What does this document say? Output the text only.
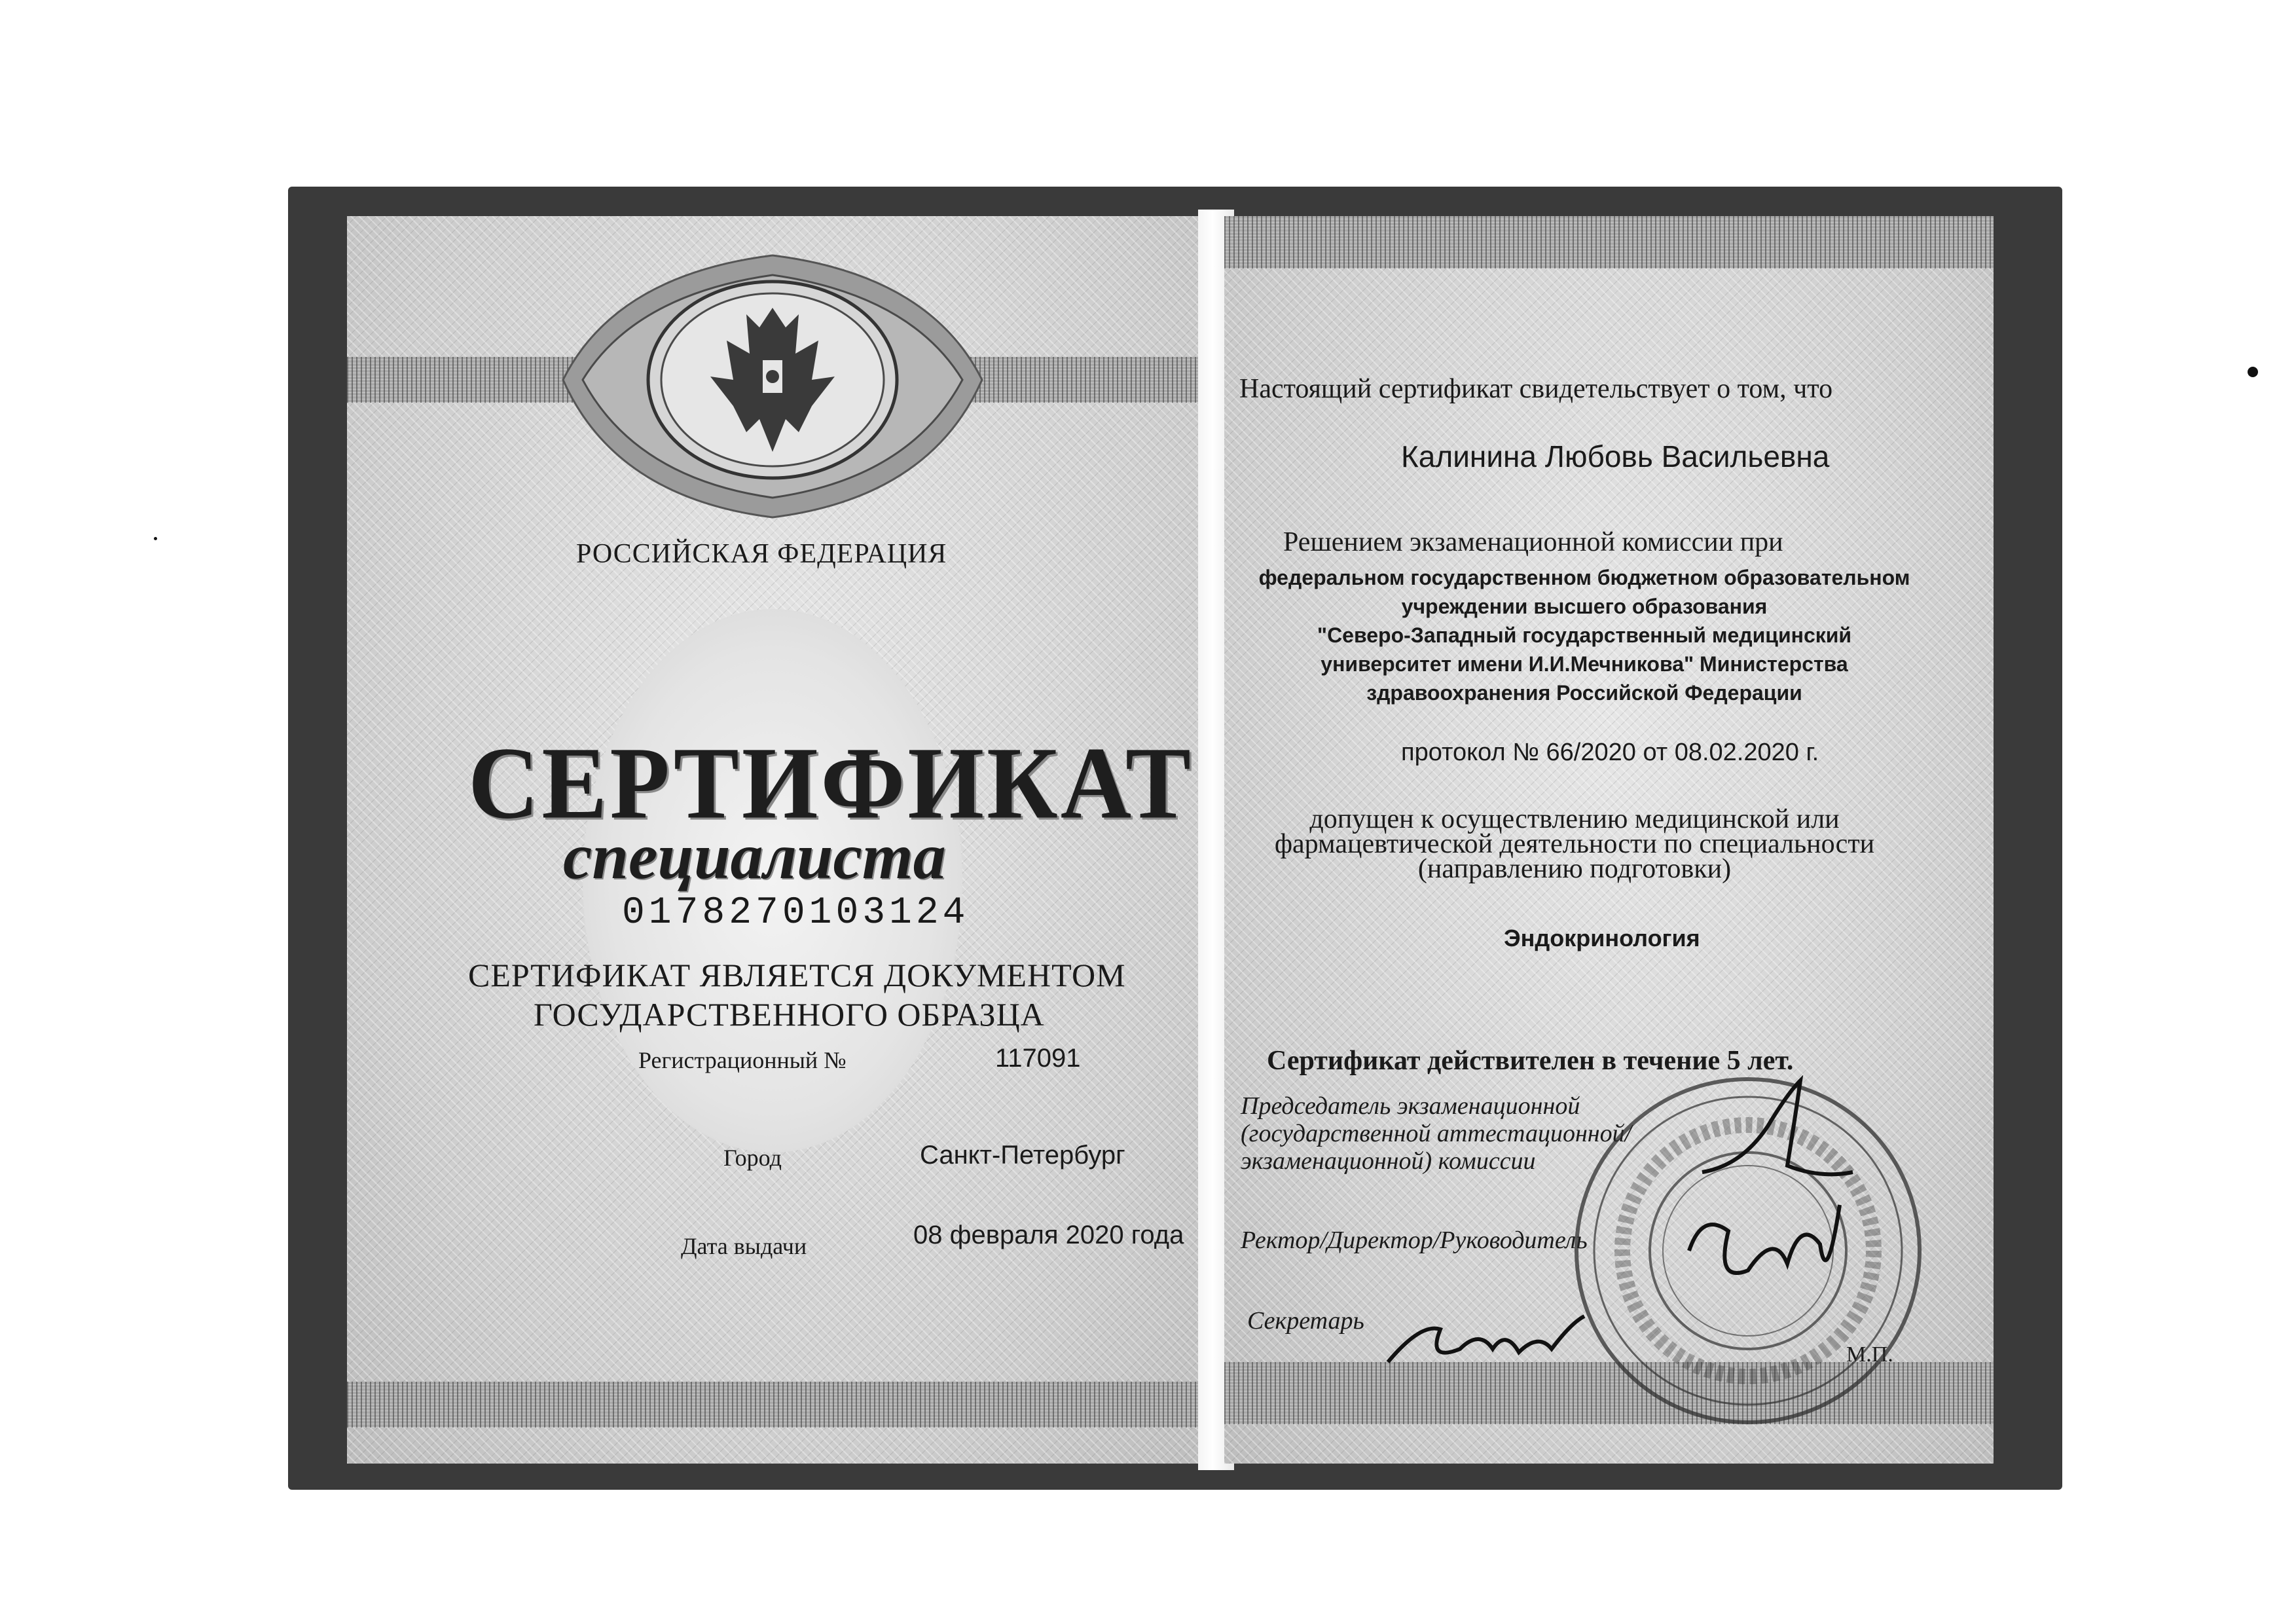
РОССИЙСКАЯ ФЕДЕРАЦИЯ
СЕРТИФИКАТ
специалиста
0178270103124
СЕРТИФИКАТ ЯВЛЯЕТСЯ ДОКУМЕНТОМ
ГОСУДАРСТВЕННОГО ОБРАЗЦА
Регистрационный №	117091
Город	Санкт-Петербург
Дата выдачи	08 февраля 2020 года
Настоящий сертификат свидетельствует о том, что
Калинина Любовь Васильевна
Решением экзаменационной комиссии при
федеральном государственном бюджетном образовательном
учреждении высшего образования
"Северо-Западный государственный медицинский
университет имени И.И.Мечникова" Министерства
здравоохранения Российской Федерации
протокол № 66/2020 от 08.02.2020 г.
допущен к осуществлению медицинской или
фармацевтической деятельности по специальности
(направлению подготовки)
Эндокринология
Сертификат действителен в течение 5 лет.
Председатель экзаменационной
(государственной аттестационной/
экзаменационной) комиссии
Ректор/Директор/Руководитель
Секретарь
М.П.
